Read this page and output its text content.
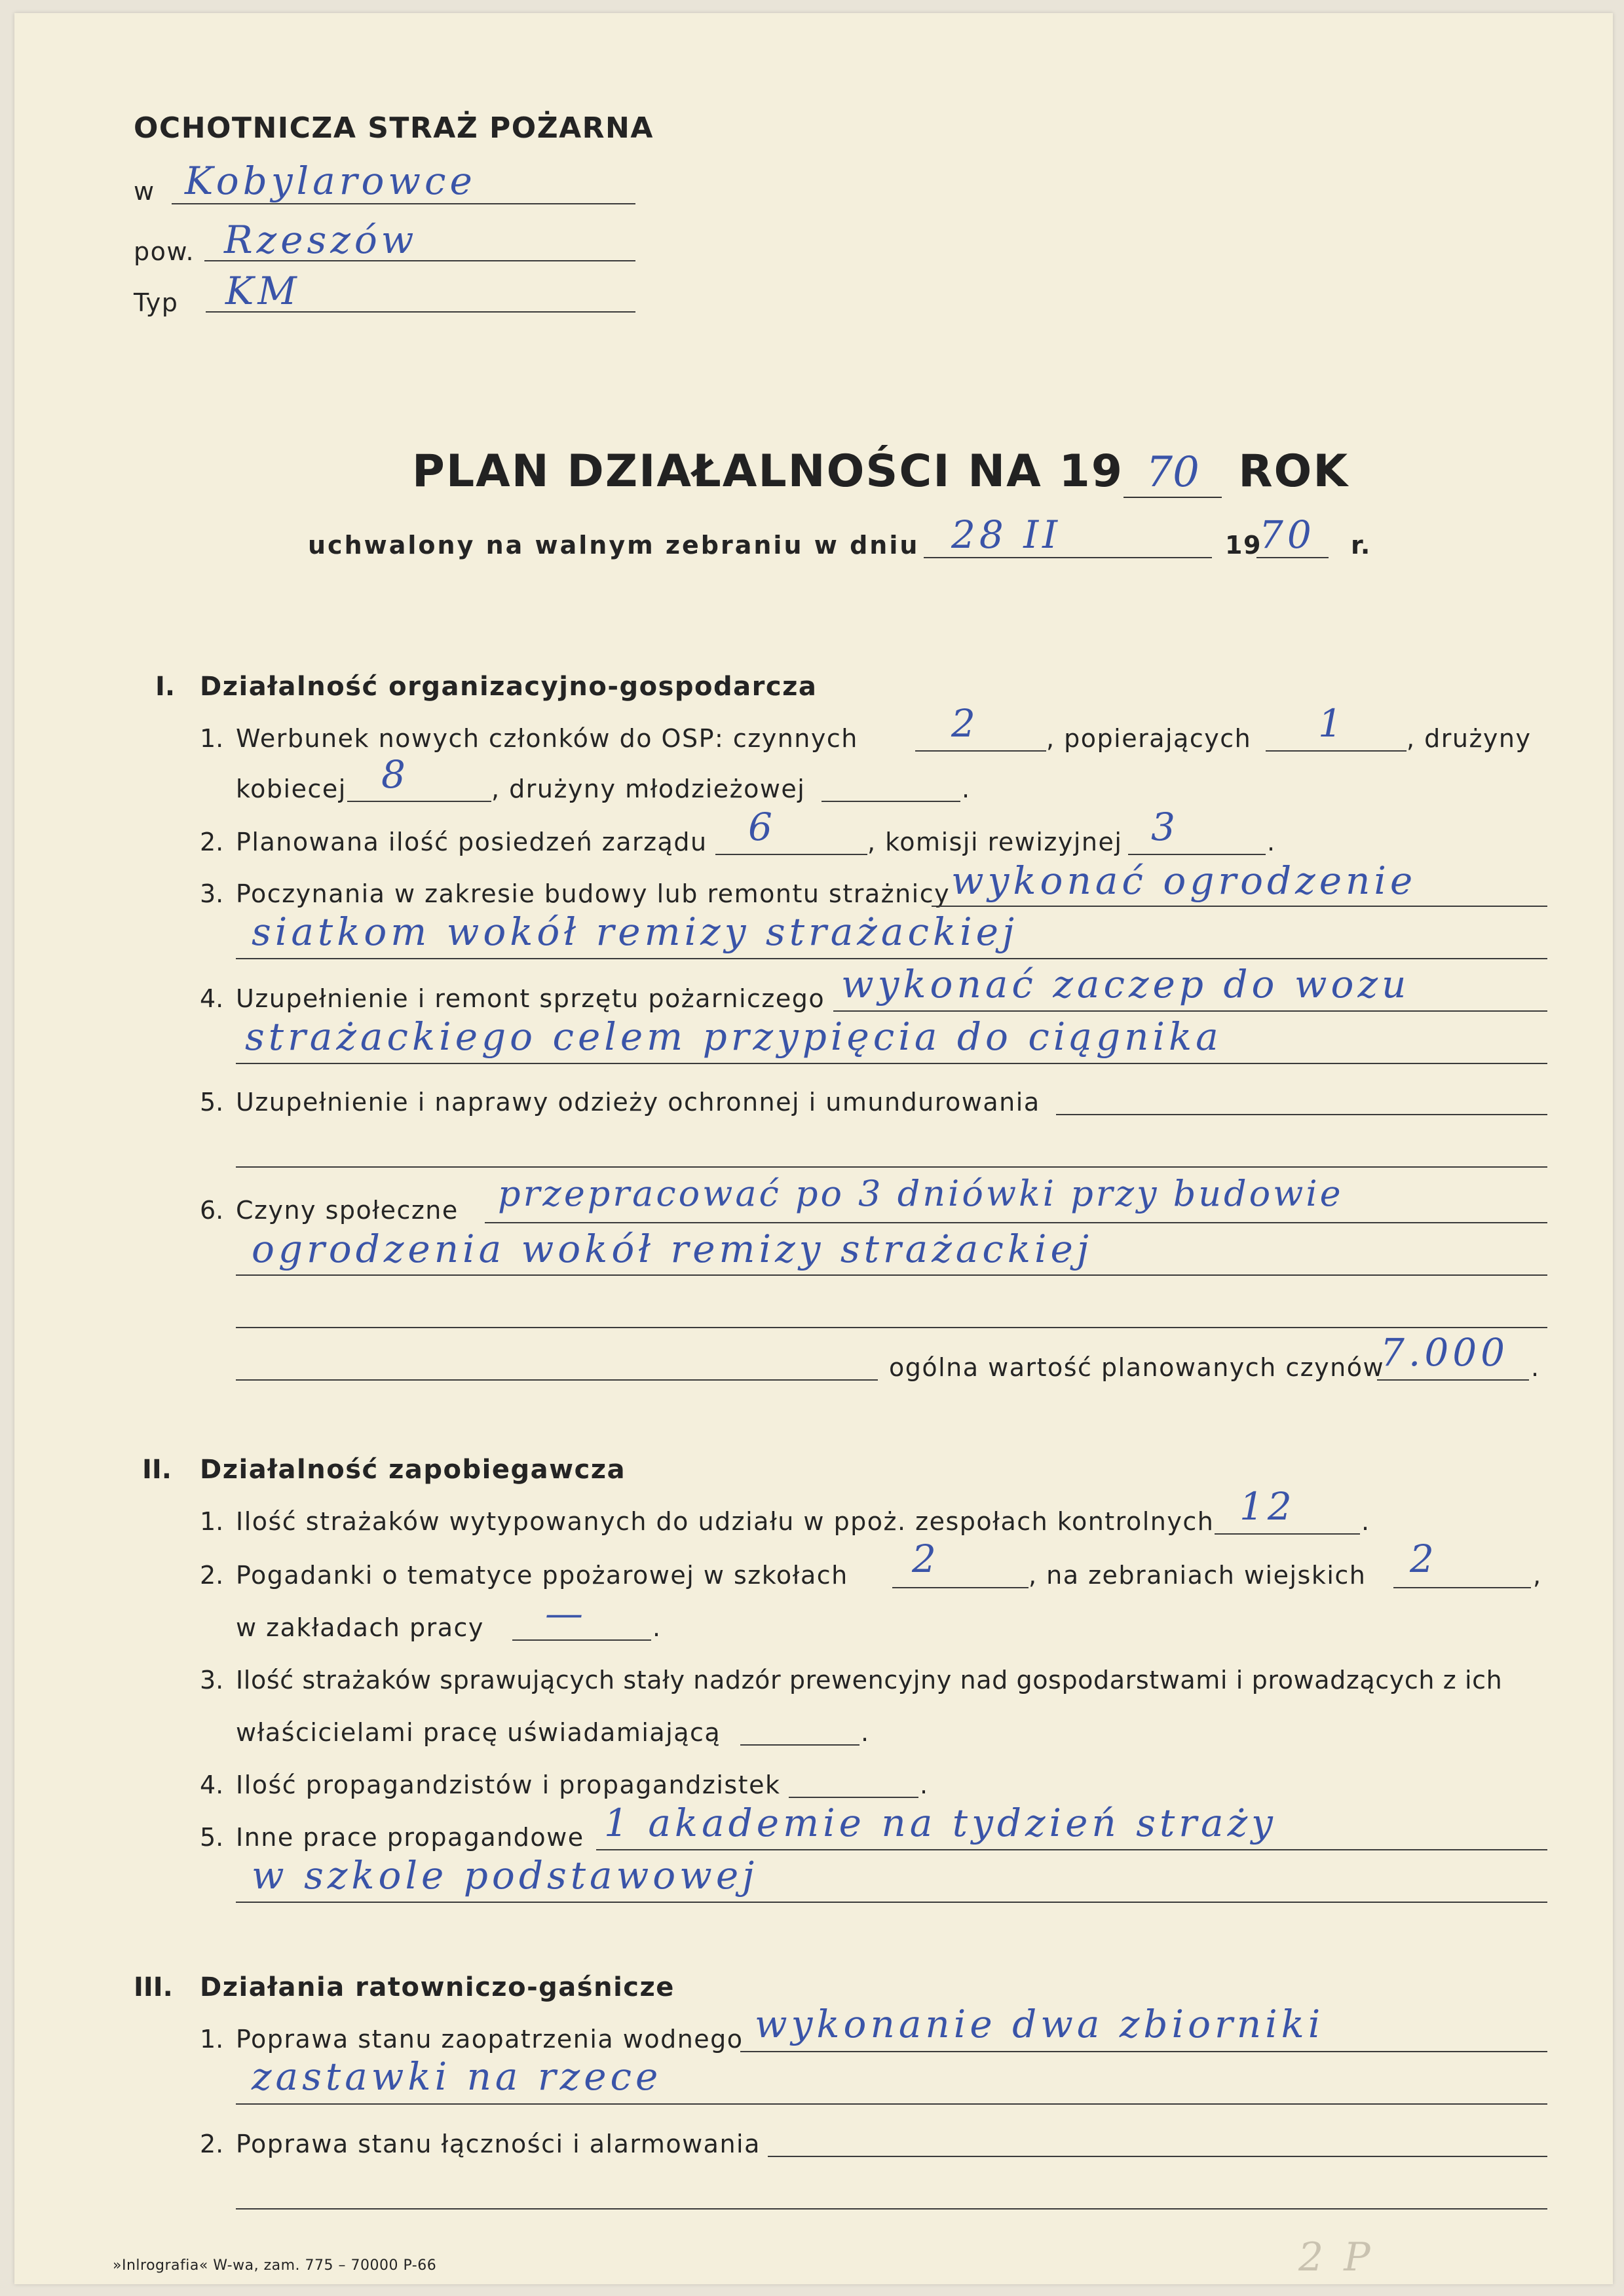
OCHOTNICZA STRAŻ POŻARNA
w Kobylarowce
pow. Rzeszów
Typ KM
PLAN DZIAŁALNOŚCI NA 19 70 ROK
uchwalony na walnym zebraniu w dniu 28 II	19
70 r.
I. Działalność organizacyjno-gospodarcza
1. Werbunek nowych członków do OSP: czynnych 2	, popierających 1 , drużyny
kobiecej 8	, drużyny młodzieżowej	.
2. Planowana ilość posiedzeń zarządu 6	, komisji rewizyjnej 3	.
3. Poczynania w zakresie budowy lub remontu strażnicy wykonać ogrodzenie
siatkom wokół remizy strażackiej
4. Uzupełnienie i remont sprzętu pożarniczego wykonać zaczep do wozu
strażackiego celem przypięcia do ciągnika
5. Uzupełnienie i naprawy odzieży ochronnej i umundurowania
6. Czyny społeczne przepracować po 3 dniówki przy budowie
ogrodzenia wokół remizy strażackiej
ogólna wartość planowanych czynów
7.000 .
II. Działalność zapobiegawcza
1. Ilość strażaków wytypowanych do udziału w ppoż. zespołach kontrolnych 12	.
2. Pogadanki o tematyce ppożarowej w szkołach 2	, na zebraniach wiejskich 2	,
w zakładach pracy —	.
3. Ilość strażaków sprawujących stały nadzór prewencyjny nad gospodarstwami i prowadzących z ich
właścicielami pracę uświadamiającą	.
4. Ilość propagandzistów i propagandzistek	.
5. Inne prace propagandowe 1 akademie na tydzień straży
w szkole podstawowej
III. Działania ratowniczo-gaśnicze
1. Poprawa stanu zaopatrzenia wodnego wykonanie dwa zbiorniki
zastawki na rzece
2. Poprawa stanu łączności i alarmowania
»Inlrografia« W-wa, zam. 775 – 70000 P-66	2 P
